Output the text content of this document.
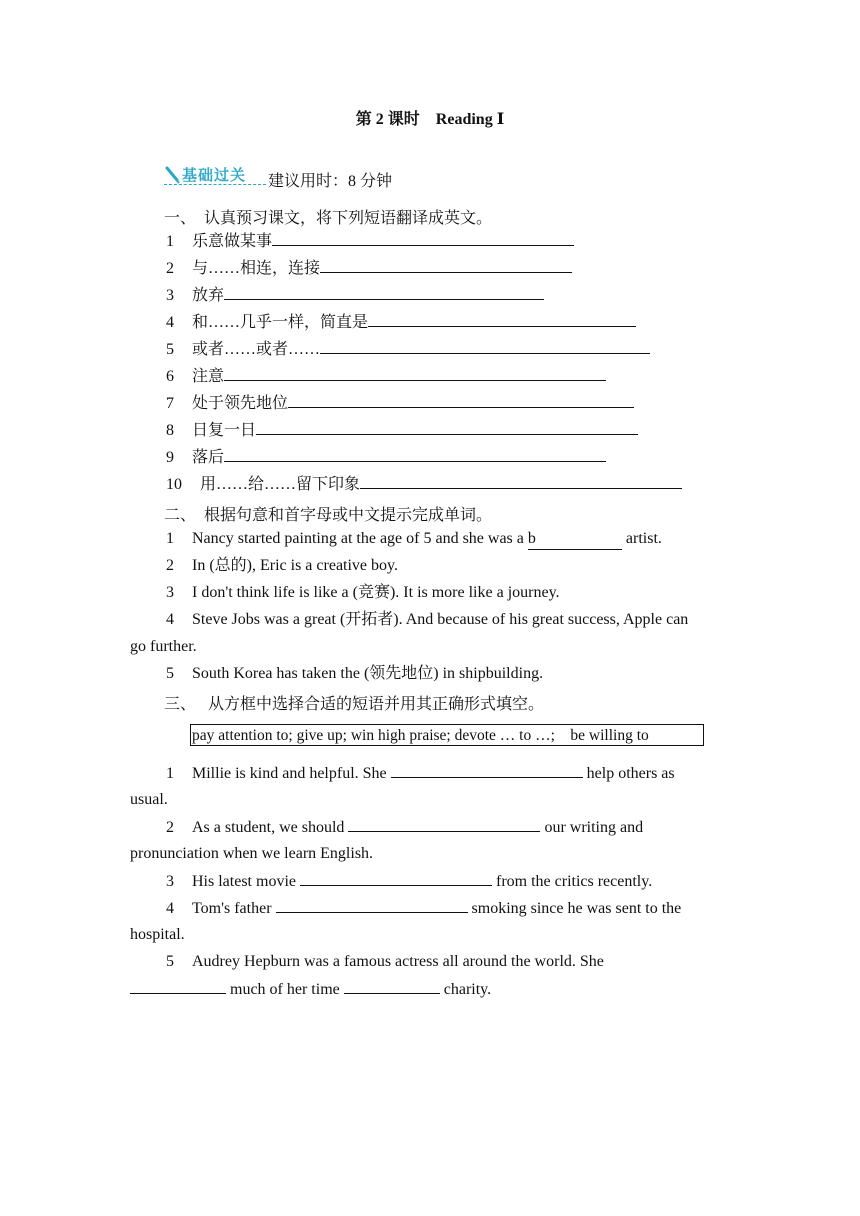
第 2 课时　Reading Ⅰ
基础过关 建议用时：8 分钟
一、　认真预习课文，将下列短语翻译成英文。
1 乐意做某事
2 与……相连，连接
3 放弃
4 和……几乎一样，简直是
5 或者……或者……
6 注意
7 处于领先地位
8 日复一日
9 落后
10 用……给……留下印象
二、　根据句意和首字母或中文提示完成单词。
1 Nancy started painting at the age of 5 and she was a b	artist.
2 In (总的), Eric is a creative boy.
3 I don't think life is like a (竞赛). It is more like a journey.
4 Steve Jobs was a great (开拓者). And because of his great success, Apple can
go further.
5 South Korea has taken the (领先地位) in shipbuilding.
三、　 从方框中选择合适的短语并用其正确形式填空。
pay attention to; give up; win high praise; devote … to …;　be willing to
1 Millie is kind and helpful. She	help others as
usual.
2 As a student, we should	our writing and
pronunciation when we learn English.
3 His latest movie	from the critics recently.
4 Tom's father	smoking since he was sent to the
hospital.
5 Audrey Hepburn was a famous actress all around the world. She
much of her time	charity.
